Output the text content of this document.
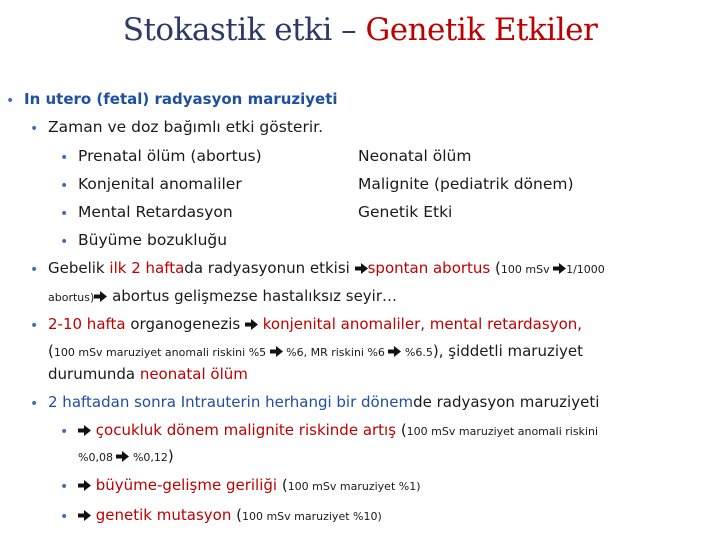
Stokastik etki – Genetik Etkiler
• In utero (fetal) radyasyon maruziyeti
• Zaman ve doz bağımlı etki gösterir.
• Prenatal ölüm (abortus)	Neonatal ölüm
• Konjenital anomaliler	Malignite (pediatrik dönem)
• Mental Retardasyon	Genetik Etki
• Büyüme bozukluğu
• Gebelik ilk 2 haftada radyasyonun etkisi spontan abortus (100 mSv 1/1000
abortus) abortus gelişmezse hastalıksız seyir…
• 2-10 hafta organogenezis  konjenital anomaliler, mental retardasyon,
(100 mSv maruziyet anomali riskini %5  %6, MR riskini %6  %6.5), şiddetli maruziyet
durumunda neonatal ölüm
• 2 haftadan sonra Intrauterin herhangi bir dönemde radyasyon maruziyeti
•	çocukluk dönem malignite riskinde artış (100 mSv maruziyet anomali riskini
%0,08  %0,12)
•	büyüme-gelişme geriliği (100 mSv maruziyet %1)
•	genetik mutasyon (100 mSv maruziyet %10)
